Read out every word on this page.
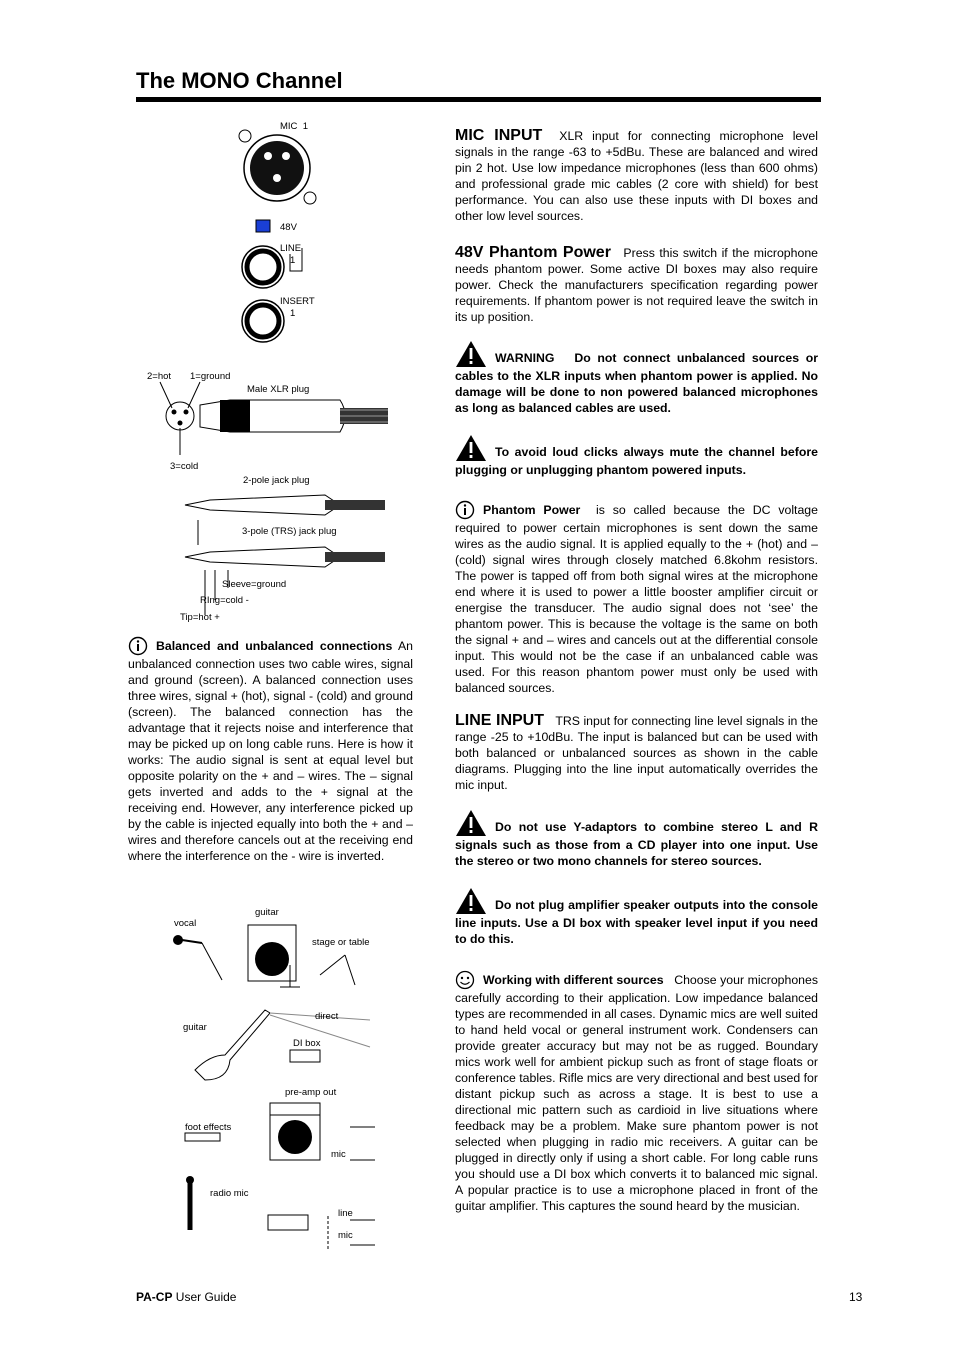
The MONO Channel
MIC 1
48V
LINE
1
INSERT
1
2=hot 1=ground
Male XLR plug
3=cold
2-pole jack plug
3-pole (TRS) jack plug
Sleeve=ground
RIng=cold -
Tip=hot +
Balanced and unbalanced connections An unbalanced connection uses two cable wires, signal and ground (screen). A balanced connection uses three wires, signal + (hot), signal - (cold) and ground (screen). The balanced connection has the advantage that it rejects noise and interference that may be picked up on long cable runs. Here is how it works: The audio signal is sent at equal level but opposite polarity on the + and – wires. The – signal gets inverted and adds to the + signal at the receiving end. However, any interference picked up by the cable is injected equally into both the + and – wires and therefore cancels out at the receiving end where the interference on the - wire is inverted.
vocal
guitar
stage or table
guitar
direct
DI box
pre-amp out
foot effects
mic
radio mic
line
mic
MIC INPUT XLR input for connecting microphone level signals in the range -63 to +5dBu. These are balanced and wired pin 2 hot. Use low impedance microphones (less than 600 ohms) and professional grade mic cables (2 core with shield) for best performance. You can also use these inputs with DI boxes and other low level sources.
48V Phantom Power Press this switch if the microphone needs phantom power. Some active DI boxes may also require power. Check the manufacturers specification regarding power requirements. If phantom power is not required leave the switch in its up position.
WARNING Do not connect unbalanced sources or cables to the XLR inputs when phantom power is applied. No damage will be done to non powered balanced microphones as long as balanced cables are used.
To avoid loud clicks always mute the channel before plugging or unplugging phantom powered inputs.
Phantom Power is so called because the DC voltage required to power certain microphones is sent down the same wires as the audio signal. It is applied equally to the + (hot) and – (cold) signal wires through closely matched 6.8kohm resistors. The power is tapped off from both signal wires at the microphone end where it is used to power a little booster amplifier circuit or energise the transducer. The audio signal does not ‘see’ the phantom power. This is because the voltage is the same on both the signal + and – wires and cancels out at the differential console input. This would not be the case if an unbalanced cable was used. For this reason phantom power must only be used with balanced sources.
LINE INPUT TRS input for connecting line level signals in the range -25 to +10dBu. The input is balanced but can be used with both balanced or unbalanced sources as shown in the cable diagrams. Plugging into the line input automatically overrides the mic input.
Do not use Y-adaptors to combine stereo L and R signals such as those from a CD player into one input. Use the stereo or two mono channels for stereo sources.
Do not plug amplifier speaker outputs into the console line inputs. Use a DI box with speaker level input if you need to do this.
Working with different sources Choose your microphones carefully according to their application. Low impedance balanced types are recommended in all cases. Dynamic mics are well suited to hand held vocal or general instrument work. Condensers can provide greater accuracy but may not be as rugged. Boundary mics work well for ambient pickup such as front of stage floats or conference tables. Rifle mics are very directional and best used for distant pickup such as across a stage. It is best to use a directional mic pattern such as cardioid in live situations where feedback may be a problem. Make sure phantom power is not selected when plugging in radio mic receivers. A guitar can be plugged in directly only if using a short cable. For long cable runs you should use a DI box which converts it to balanced mic signal. A popular practice is to use a microphone placed in front of the guitar amplifier. This captures the sound heard by the musician.
PA-CP User Guide	13
